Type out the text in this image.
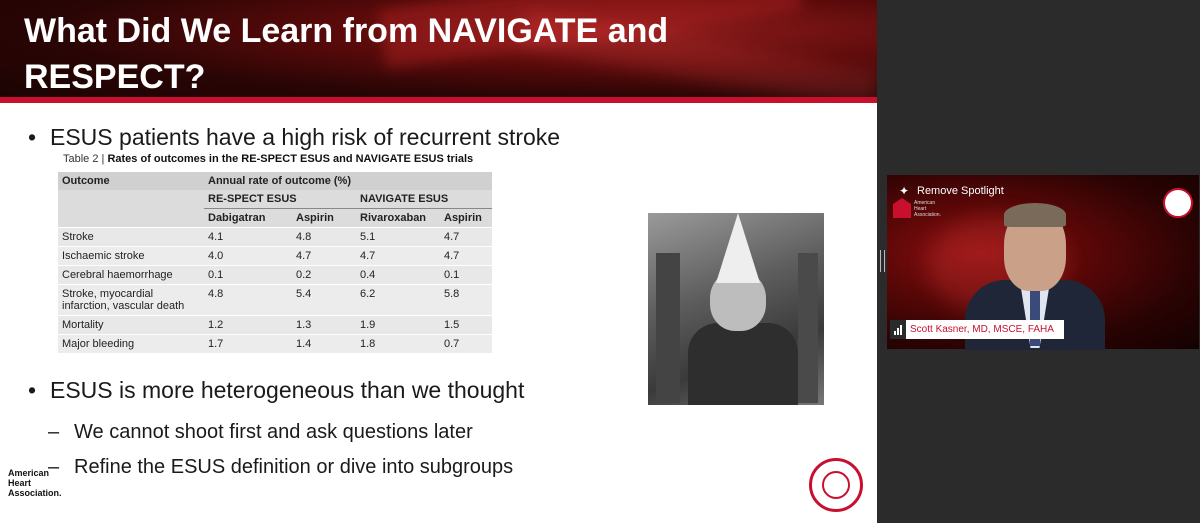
What Did We Learn from NAVIGATE and
RESPECT?
• ESUS patients have a high risk of recurrent stroke
Table 2 | Rates of outcomes in the RE-SPECT ESUS and NAVIGATE ESUS trials
Outcome	Annual rate of outcome (%)			
	RE-SPECT ESUS		NAVIGATE ESUS	
	Dabigatran	Aspirin	Rivaroxaban	Aspirin
Stroke	4.1	4.8	5.1	4.7
Ischaemic stroke	4.0	4.7	4.7	4.7
Cerebral haemorrhage	0.1	0.2	0.4	0.1
Stroke, myocardial infarction, vascular death	4.8	5.4	6.2	5.8
Mortality	1.2	1.3	1.9	1.5
Major bleeding	1.7	1.4	1.8	0.7
• ESUS is more heterogeneous than we thought
– We cannot shoot first and ask questions later
– Refine the ESUS definition or dive into subgroups
American
Heart
Association.
✦ Remove Spotlight
American Heart Association.
Scott Kasner, MD, MSCE, FAHA
